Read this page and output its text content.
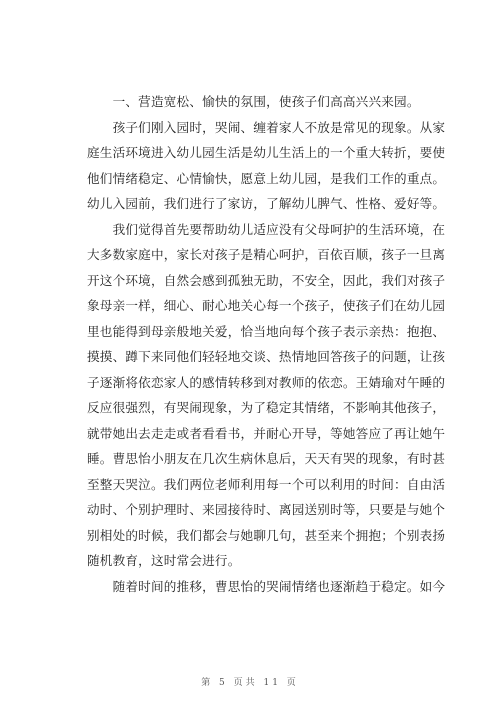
　　一、营造宽松、愉快的氛围，使孩子们高高兴兴来园。
　　孩子们刚入园时，哭闹、缠着家人不放是常见的现象。从家
庭生活环境进入幼儿园生活是幼儿生活上的一个重大转折，要使
他们情绪稳定、心情愉快，愿意上幼儿园，是我们工作的重点。
幼儿入园前，我们进行了家访，了解幼儿脾气、性格、爱好等。
　　我们觉得首先要帮助幼儿适应没有父母呵护的生活环境，在
大多数家庭中，家长对孩子是精心呵护，百依百顺，孩子一旦离
开这个环境，自然会感到孤独无助，不安全，因此，我们对孩子
象母亲一样，细心、耐心地关心每一个孩子，使孩子们在幼儿园
里也能得到母亲般地关爱，恰当地向每个孩子表示亲热：抱抱、
摸摸、蹲下来同他们轻轻地交谈、热情地回答孩子的问题，让孩
子逐渐将依恋家人的感情转移到对教师的依恋。王婧瑜对午睡的
反应很强烈，有哭闹现象，为了稳定其情绪，不影响其他孩子，
就带她出去走走或者看看书，并耐心开导，等她答应了再让她午
睡。曹思怡小朋友在几次生病休息后，天天有哭的现象，有时甚
至整天哭泣。我们两位老师利用每一个可以利用的时间：自由活
动时、个别护理时、来园接待时、离园送别时等，只要是与她个
别相处的时候，我们都会与她聊几句，甚至来个拥抱；个别表扬
随机教育，这时常会进行。
　　随着时间的推移，曹思怡的哭闹情绪也逐渐趋于稳定。如今
第 5 页共 11 页
